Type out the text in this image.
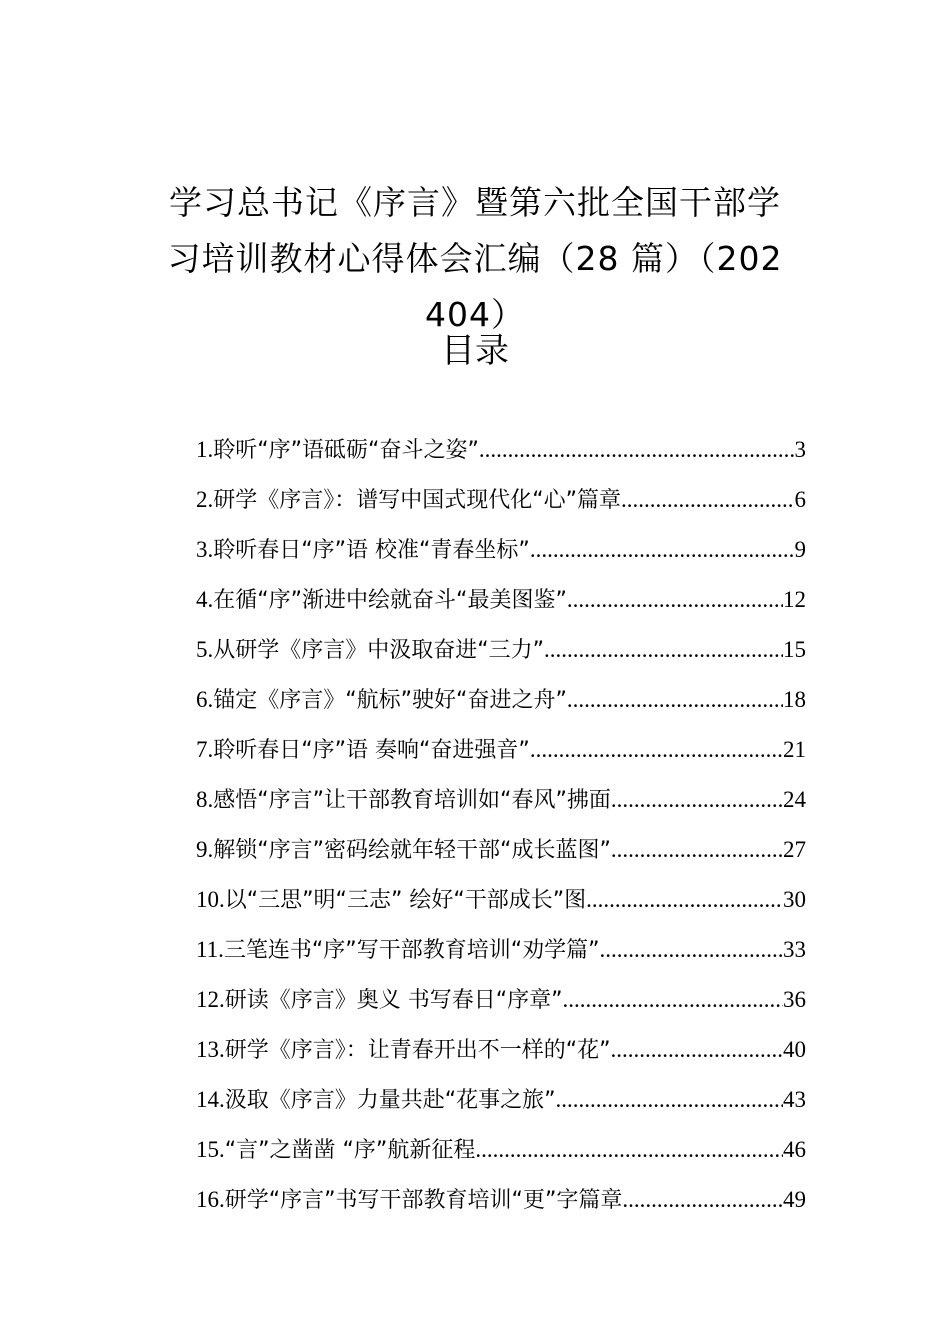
学习总书记《序言》暨第六批全国干部学
习培训教材心得体会汇编（28 篇）（202
404）
目录
1. 聆听“序”语砥砺“奋斗之姿” .....	3
2. 研学《序言》：谱写中国式现代化“心”篇章 .....	6
3. 聆听春日“序”语 校准“青春坐标” .....	9
4. 在循“序”渐进中绘就奋斗“最美图鉴” .....	12
5. 从研学《序言》中汲取奋进“三力” .....	15
6. 锚定《序言》“航标”驶好“奋进之舟” .....	18
7. 聆听春日“序”语 奏响“奋进强音” .....	21
8. 感悟“序言”让干部教育培训如“春风”拂面 .....	24
9. 解锁“序言”密码绘就年轻干部“成长蓝图” .....	27
10. 以“三思”明“三志” 绘好“干部成长”图 .....	30
11. 三笔连书“序”写干部教育培训“劝学篇” .....	33
12. 研读《序言》奥义 书写春日“序章” .....	36
13. 研学《序言》：让青春开出不一样的“花” .....	40
14. 汲取《序言》力量共赴“花事之旅” .....	43
15. “言”之凿凿 “序”航新征程 .....	46
16. 研学“序言”书写干部教育培训“更”字篇章 .....	49
